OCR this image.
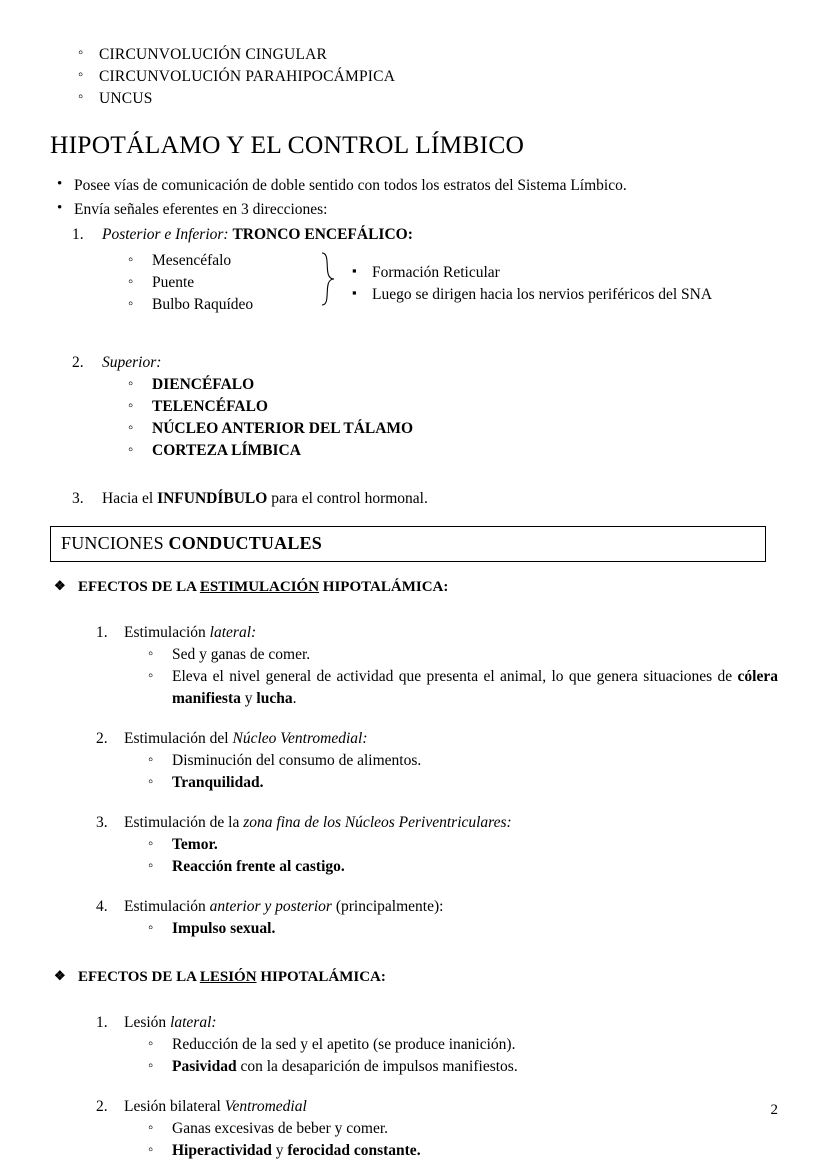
◦ CIRCUNVOLUCIÓN CINGULAR
◦ CIRCUNVOLUCIÓN PARAHIPOCÁMPICA
◦ UNCUS
HIPOTÁLAMO Y EL CONTROL LÍMBICO
• Posee vías de comunicación de doble sentido con todos los estratos del Sistema Límbico.
• Envía señales eferentes en 3 direcciones:
1.	Posterior e Inferior: TRONCO ENCEFÁLICO:
◦ Mesencéfalo
◦ Puente
◦ Bulbo Raquídeo
▪ Formación Reticular
▪ Luego se dirigen hacia los nervios periféricos del SNA
2.	Superior:
◦ DIENCÉFALO
◦ TELENCÉFALO
◦ NÚCLEO ANTERIOR DEL TÁLAMO
◦ CORTEZA LÍMBICA
3.	Hacia el INFUNDÍBULO para el control hormonal.
FUNCIONES CONDUCTUALES
❖ EFECTOS DE LA ESTIMULACIÓN HIPOTALÁMICA:
1.	Estimulación lateral:
◦ Sed y ganas de comer.
◦ Eleva el nivel general de actividad que presenta el animal, lo que genera situaciones de cólera manifiesta y lucha.
2.	Estimulación del Núcleo Ventromedial:
◦ Disminución del consumo de alimentos.
◦ Tranquilidad.
3.	Estimulación de la zona fina de los Núcleos Periventriculares:
◦ Temor.
◦ Reacción frente al castigo.
4.	Estimulación anterior y posterior (principalmente):
◦ Impulso sexual.
❖ EFECTOS DE LA LESIÓN HIPOTALÁMICA:
1.	Lesión lateral:
◦ Reducción de la sed y el apetito (se produce inanición).
◦ Pasividad con la desaparición de impulsos manifiestos.
2.	Lesión bilateral Ventromedial
◦ Ganas excesivas de beber y comer.
◦ Hiperactividad y ferocidad constante.
2
